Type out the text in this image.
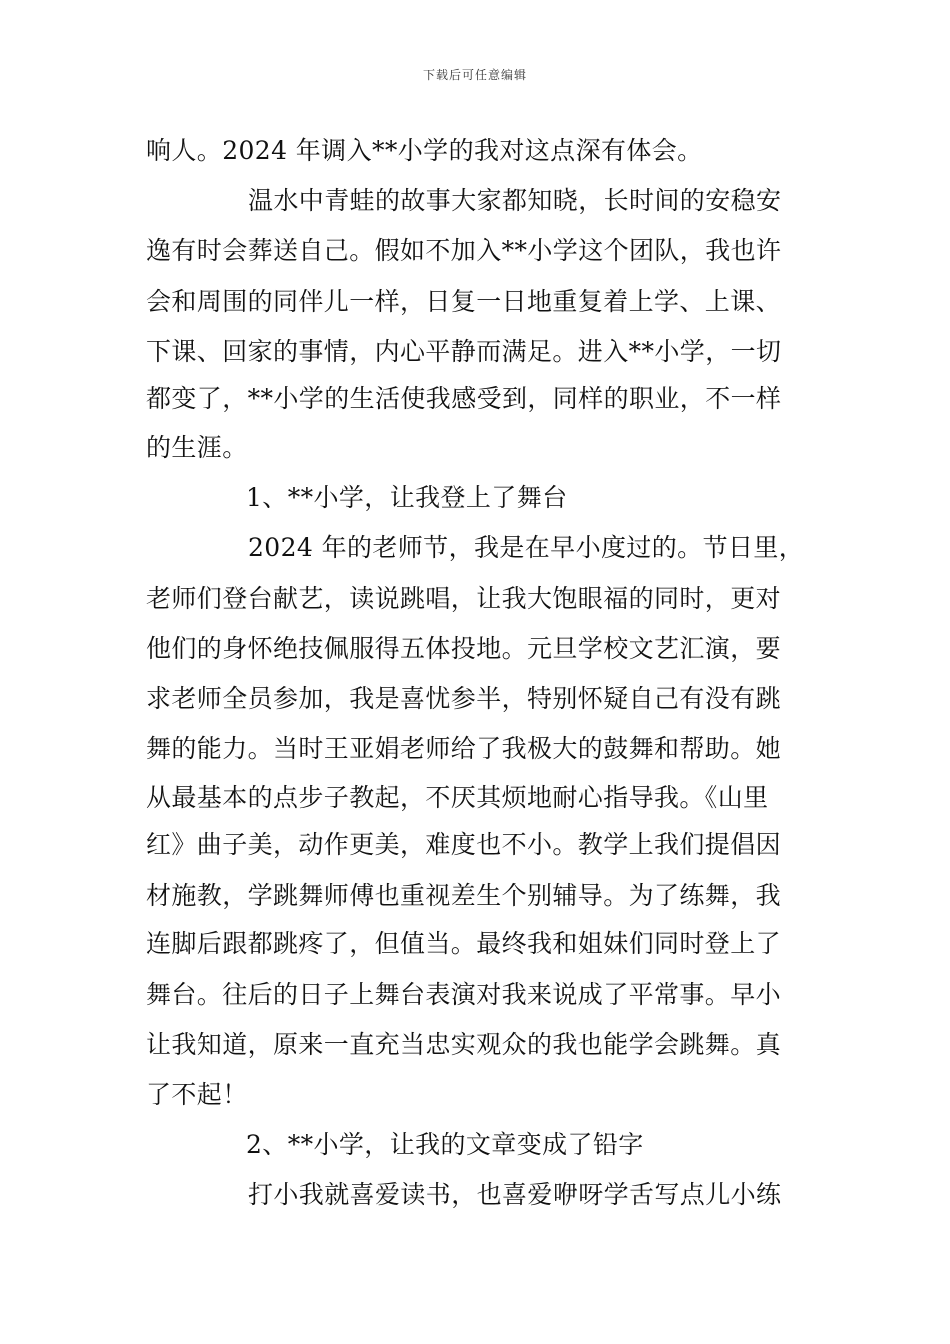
下载后可任意编辑
响人。2024 年调入**小学的我对这点深有体会。
温水中青蛙的故事大家都知晓，长时间的安稳安
逸有时会葬送自己。假如不加入**小学这个团队，我也许
会和周围的同伴儿一样，日复一日地重复着上学、上课、
下课、回家的事情，内心平静而满足。进入**小学，一切
都变了，**小学的生活使我感受到，同样的职业，不一样
的生涯。
1、**小学，让我登上了舞台
2024 年的老师节，我是在早小度过的。节日里，
老师们登台献艺，读说跳唱，让我大饱眼福的同时，更对
他们的身怀绝技佩服得五体投地。元旦学校文艺汇演，要
求老师全员参加，我是喜忧参半，特别怀疑自己有没有跳
舞的能力。当时王亚娟老师给了我极大的鼓舞和帮助。她
从最基本的点步子教起，不厌其烦地耐心指导我。《山里
红》曲子美，动作更美，难度也不小。教学上我们提倡因
材施教，学跳舞师傅也重视差生个别辅导。为了练舞，我
连脚后跟都跳疼了，但值当。最终我和姐妹们同时登上了
舞台。往后的日子上舞台表演对我来说成了平常事。早小
让我知道，原来一直充当忠实观众的我也能学会跳舞。真
了不起！
2、**小学，让我的文章变成了铅字
打小我就喜爱读书，也喜爱咿呀学舌写点儿小练
